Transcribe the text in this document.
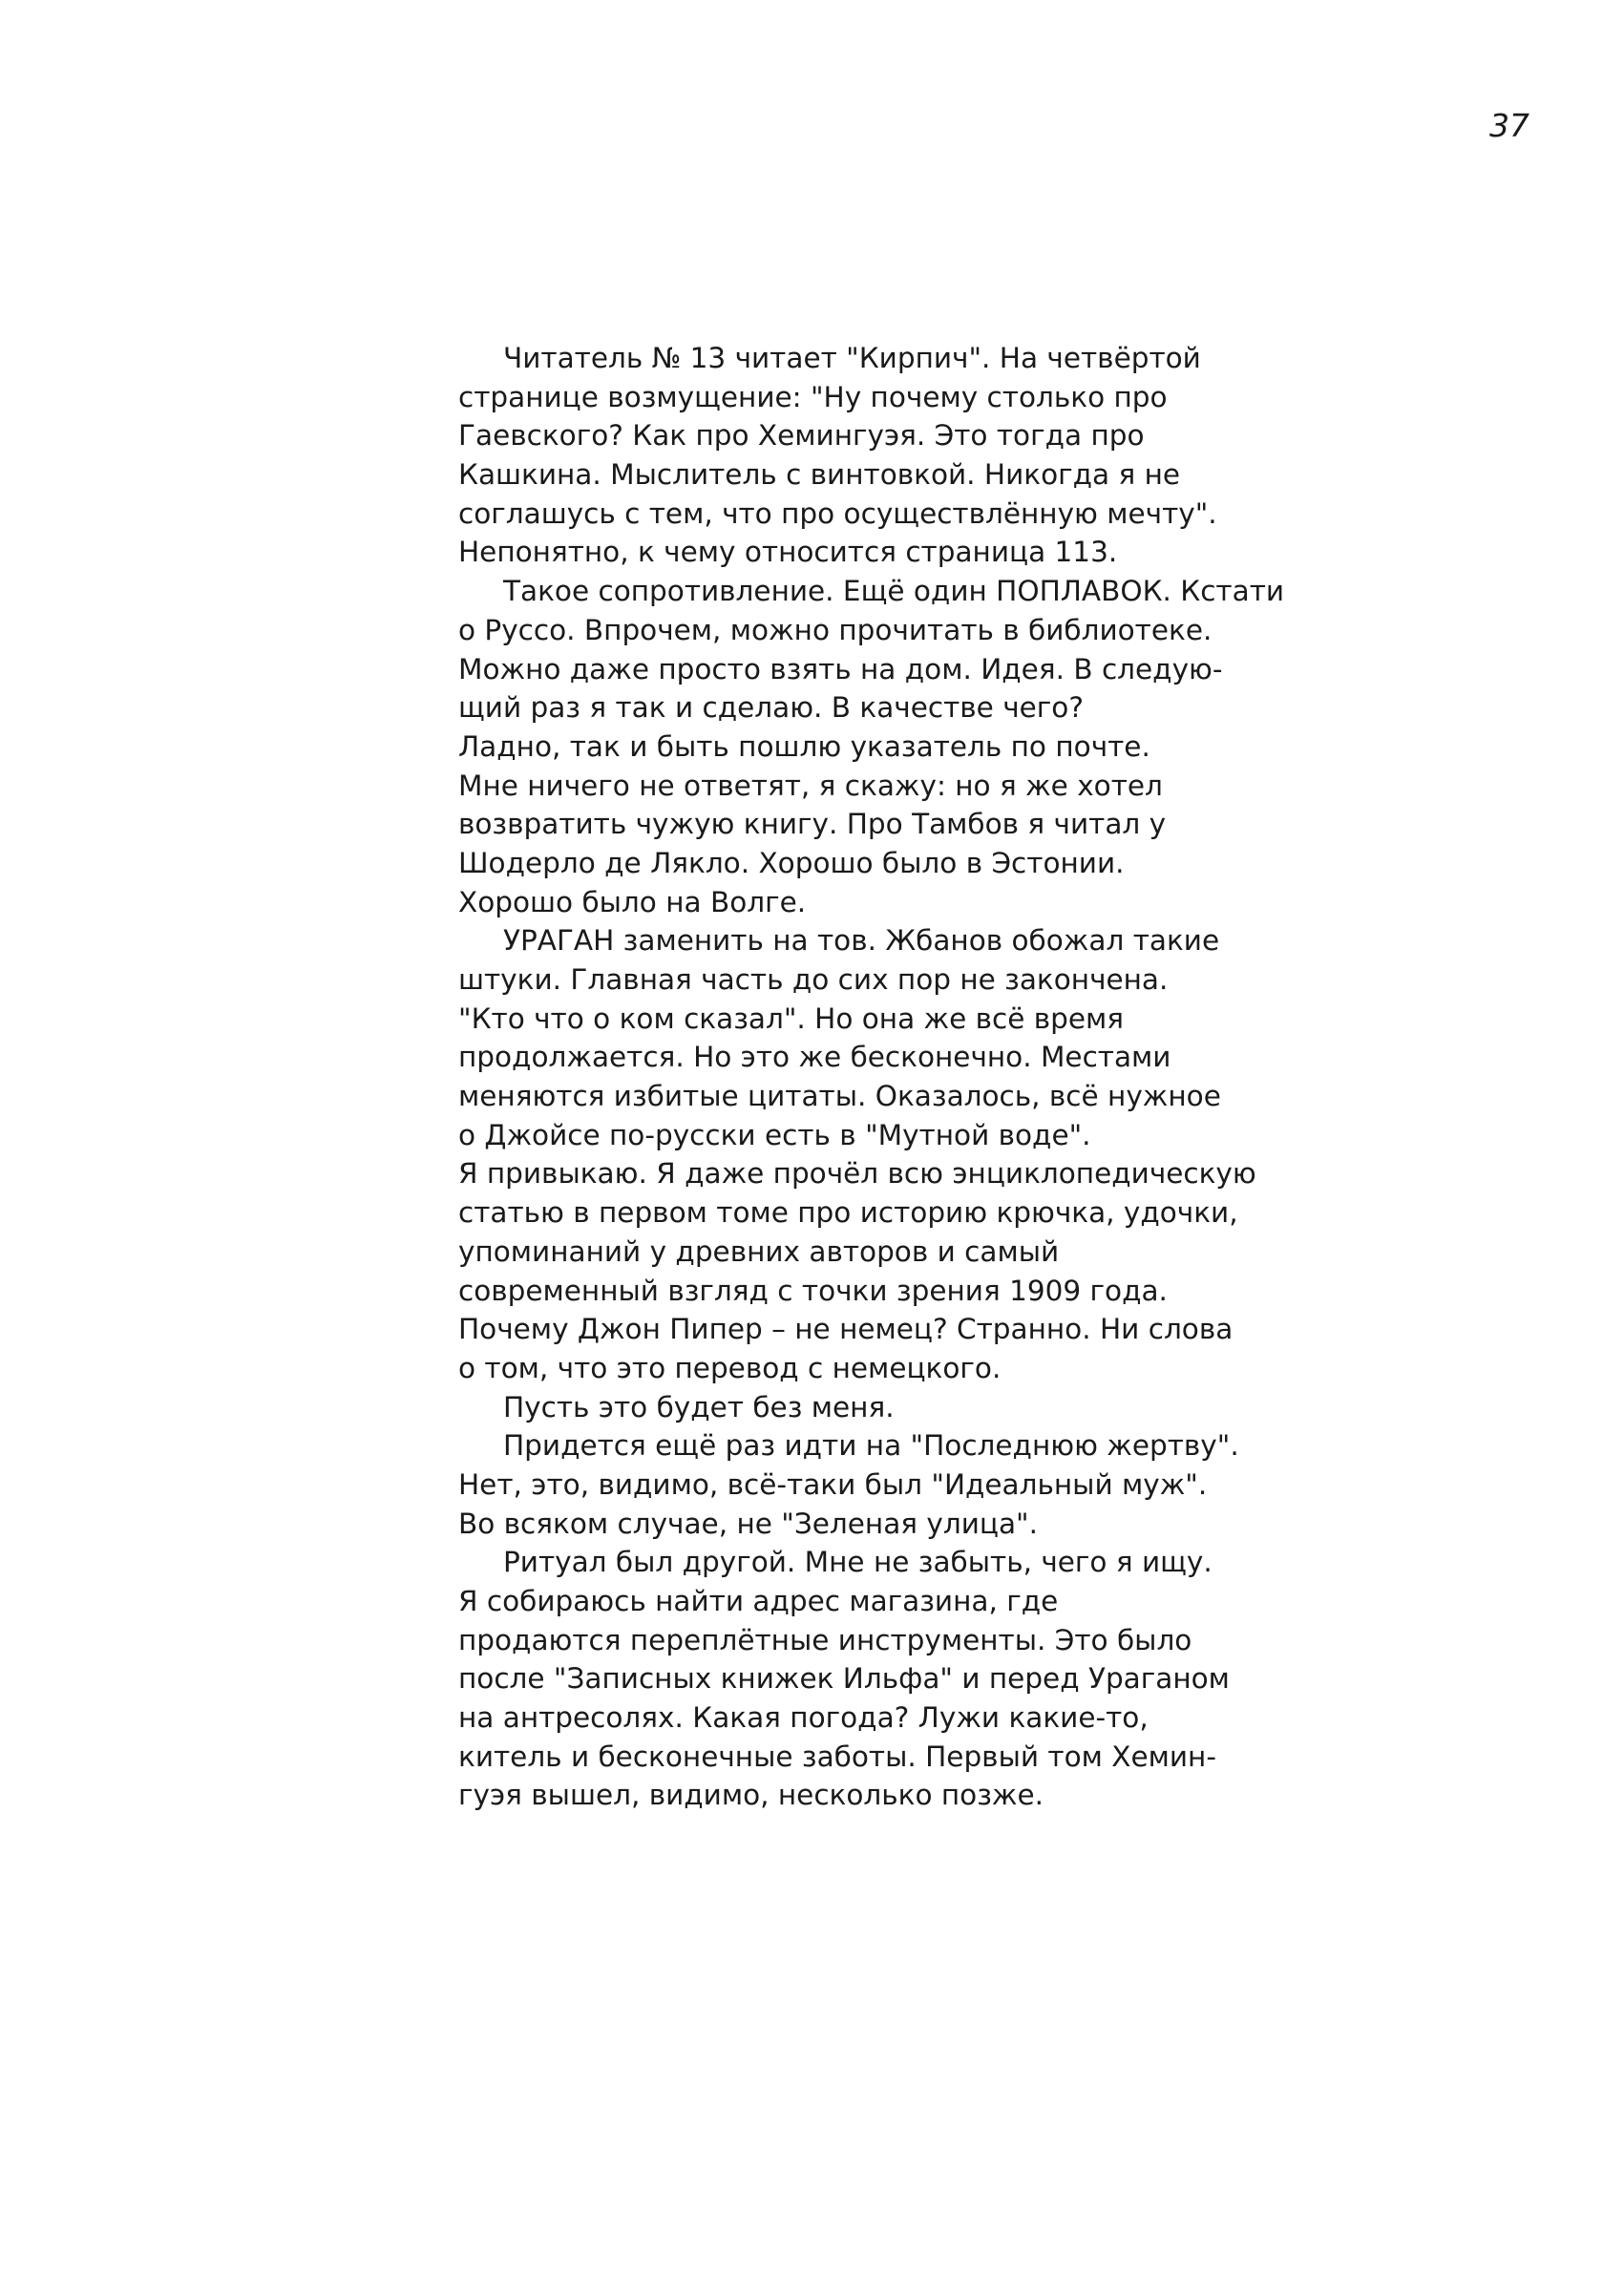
37
Читатель № 13 читает "Кирпич". На четвёртой
странице возмущение: "Ну почему столько про
Гаевского? Как про Хемингуэя. Это тогда про
Кашкина. Мыслитель с винтовкой. Никогда я не
соглашусь с тем, что про осуществлённую мечту".
Непонятно, к чему относится страница 113.
Такое сопротивление. Ещё один ПОПЛАВОК. Кстати
о Руссо. Впрочем, можно прочитать в библиотеке.
Можно даже просто взять на дом. Идея. В следую-
щий раз я так и сделаю. В качестве чего?
Ладно, так и быть пошлю указатель по почте.
Мне ничего не ответят, я скажу: но я же хотел
возвратить чужую книгу. Про Тамбов я читал у
Шодерло де Лякло. Хорошо было в Эстонии.
Хорошо было на Волге.
УРАГАН заменить на тов. Жбанов обожал такие
штуки. Главная часть до сих пор не закончена.
"Кто что о ком сказал". Но она же всё время
продолжается. Но это же бесконечно. Местами
меняются избитые цитаты. Оказалось, всё нужное
о Джойсе по-русски есть в "Мутной воде".
Я привыкаю. Я даже прочёл всю энциклопедическую
статью в первом томе про историю крючка, удочки,
упоминаний у древних авторов и самый
современный взгляд с точки зрения 1909 года.
Почему Джон Пипер – не немец? Странно. Ни слова
о том, что это перевод с немецкого.
Пусть это будет без меня.
Придется ещё раз идти на "Последнюю жертву".
Нет, это, видимо, всё-таки был "Идеальный муж".
Во всяком случае, не "Зеленая улица".
Ритуал был другой. Мне не забыть, чего я ищу.
Я собираюсь найти адрес магазина, где
продаются переплётные инструменты. Это было
после "Записных книжек Ильфа" и перед Ураганом
на антресолях. Какая погода? Лужи какие-то,
китель и бесконечные заботы. Первый том Хемин-
гуэя вышел, видимо, несколько позже.
